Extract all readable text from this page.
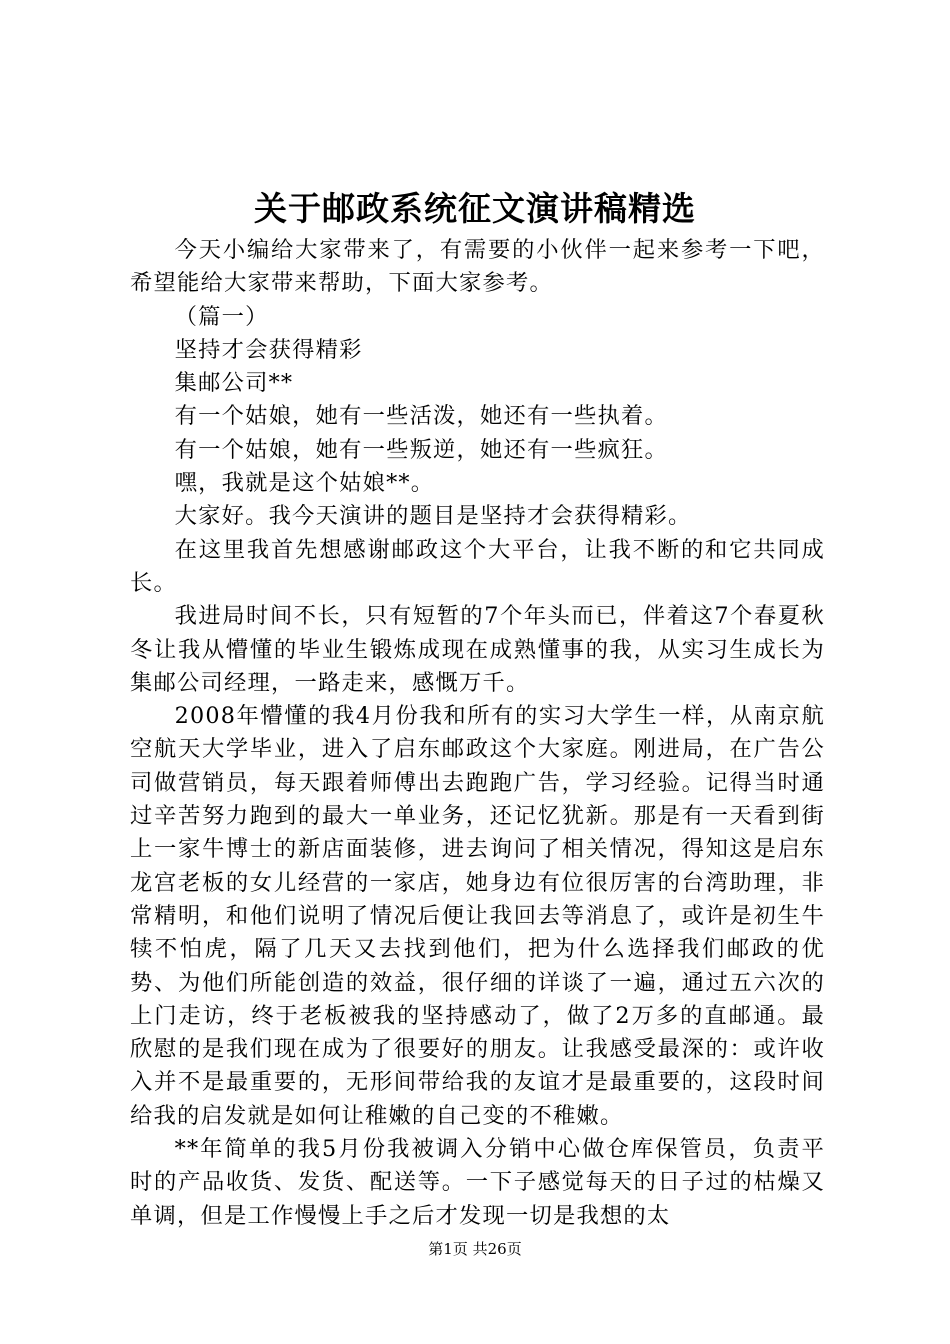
关于邮政系统征文演讲稿精选

今天小编给大家带来了，有需要的小伙伴一起来参考一下吧，希望能给大家带来帮助，下面大家参考。

（篇一）

坚持才会获得精彩

集邮公司**

有一个姑娘，她有一些活泼，她还有一些执着。

有一个姑娘，她有一些叛逆，她还有一些疯狂。

嘿，我就是这个姑娘**。

大家好。我今天演讲的题目是坚持才会获得精彩。

在这里我首先想感谢邮政这个大平台，让我不断的和它共同成长。

我进局时间不长，只有短暂的7个年头而已，伴着这7个春夏秋冬让我从懵懂的毕业生锻炼成现在成熟懂事的我，从实习生成长为集邮公司经理，一路走来，感慨万千。

2008年懵懂的我4月份我和所有的实习大学生一样，从南京航空航天大学毕业，进入了启东邮政这个大家庭。刚进局，在广告公司做营销员，每天跟着师傅出去跑跑广告，学习经验。记得当时通过辛苦努力跑到的最大一单业务，还记忆犹新。那是有一天看到街上一家牛博士的新店面装修，进去询问了相关情况，得知这是启东龙宫老板的女儿经营的一家店，她身边有位很厉害的台湾助理，非常精明，和他们说明了情况后便让我回去等消息了，或许是初生牛犊不怕虎，隔了几天又去找到他们，把为什么选择我们邮政的优势、为他们所能创造的效益，很仔细的详谈了一遍，通过五六次的上门走访，终于老板被我的坚持感动了，做了2万多的直邮通。最欣慰的是我们现在成为了很要好的朋友。让我感受最深的：或许收入并不是最重要的，无形间带给我的友谊才是最重要的，这段时间给我的启发就是如何让稚嫩的自己变的不稚嫩。

**年简单的我5月份我被调入分销中心做仓库保管员，负责平时的产品收货、发货、配送等。一下子感觉每天的日子过的枯燥又单调，但是工作慢慢上手之后才发现一切是我想的太

第1页 共26页
